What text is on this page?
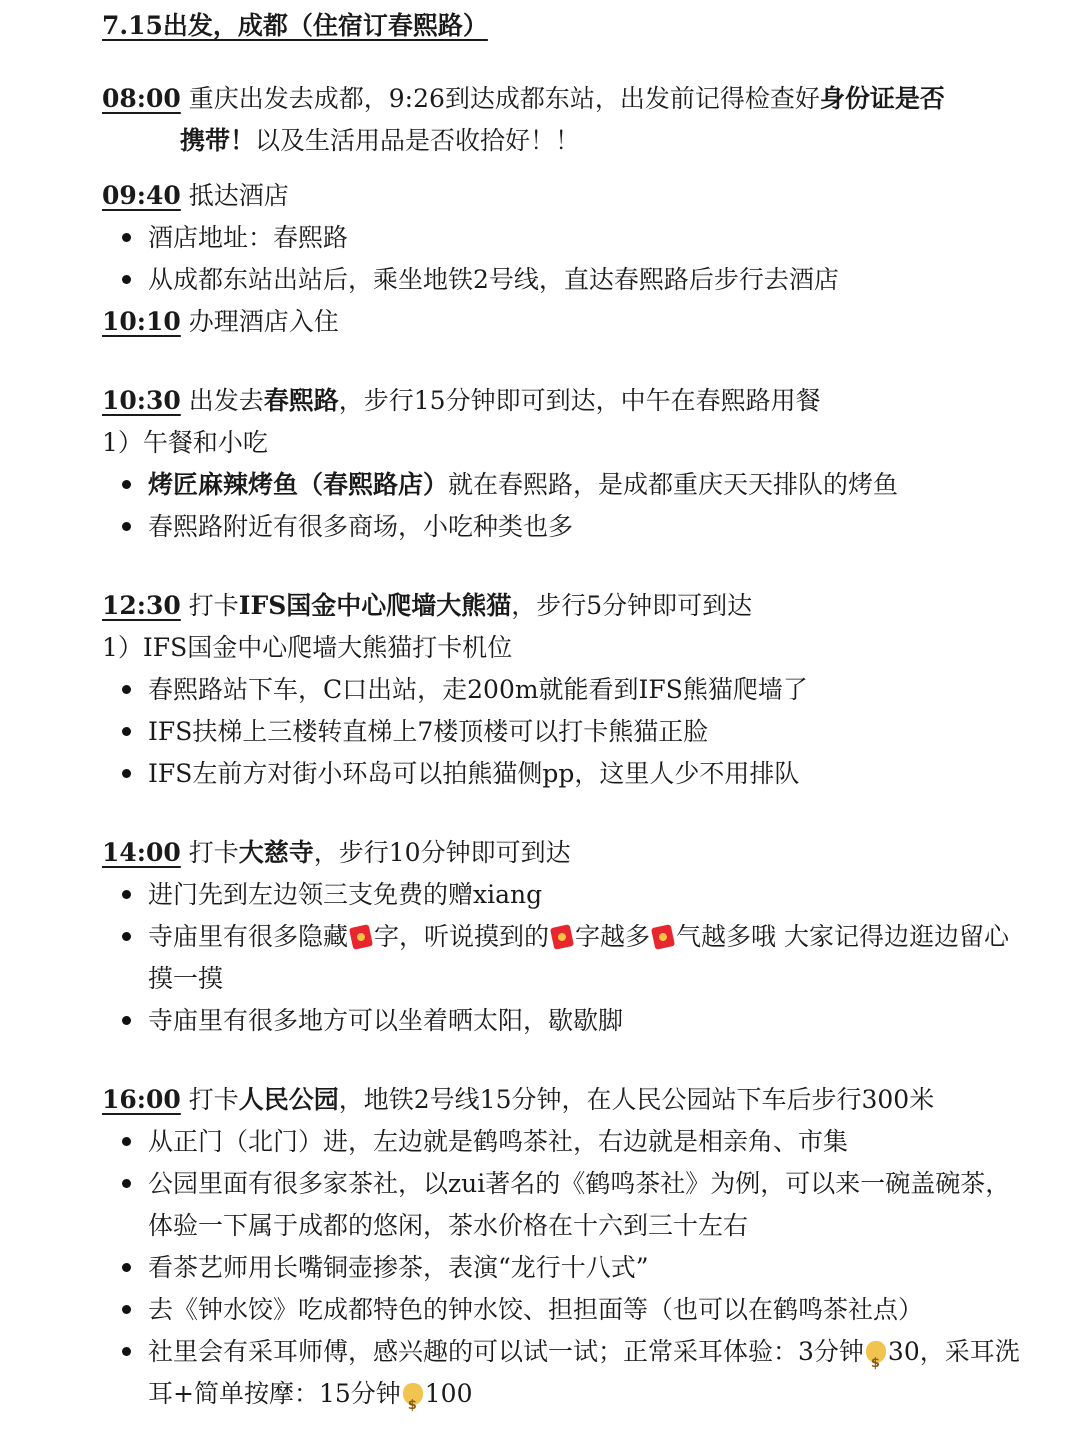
7.15出发，成都（住宿订春熙路）
08:00 重庆出发去成都，9:26到达成都东站，出发前记得检查好身份证是否
携带！以及生活用品是否收拾好！！
09:40 抵达酒店
酒店地址：春熙路
从成都东站出站后，乘坐地铁2号线，直达春熙路后步行去酒店
10:10 办理酒店入住
10:30 出发去春熙路，步行15分钟即可到达，中午在春熙路用餐
1）午餐和小吃
烤匠麻辣烤鱼（春熙路店）就在春熙路，是成都重庆天天排队的烤鱼
春熙路附近有很多商场，小吃种类也多
12:30 打卡IFS国金中心爬墙大熊猫，步行5分钟即可到达
1）IFS国金中心爬墙大熊猫打卡机位
春熙路站下车，C口出站，走200m就能看到IFS熊猫爬墙了
IFS扶梯上三楼转直梯上7楼顶楼可以打卡熊猫正脸
IFS左前方对街小环岛可以拍熊猫侧pp，这里人少不用排队
14:00 打卡大慈寺，步行10分钟即可到达
进门先到左边领三支免费的赠xiang
寺庙里有很多隐藏 字，听说摸到的 字越多 气越多哦 大家记得边逛边留心摸一摸
寺庙里有很多地方可以坐着晒太阳，歇歇脚
16:00 打卡人民公园，地铁2号线15分钟，在人民公园站下车后步行300米
从正门（北门）进，左边就是鹤鸣茶社，右边就是相亲角、市集
公园里面有很多家茶社，以zui著名的《鹤鸣茶社》为例，可以来一碗盖碗茶，体验一下属于成都的悠闲，茶水价格在十六到三十左右
看茶艺师用长嘴铜壶掺茶，表演“龙行十八式”
去《钟水饺》吃成都特色的钟水饺、担担面等（也可以在鹤鸣茶社点）
社里会有采耳师傅，感兴趣的可以试一试；正常采耳体验：3分钟 $ 30，采耳洗耳+简单按摩：15分钟 $ 100
